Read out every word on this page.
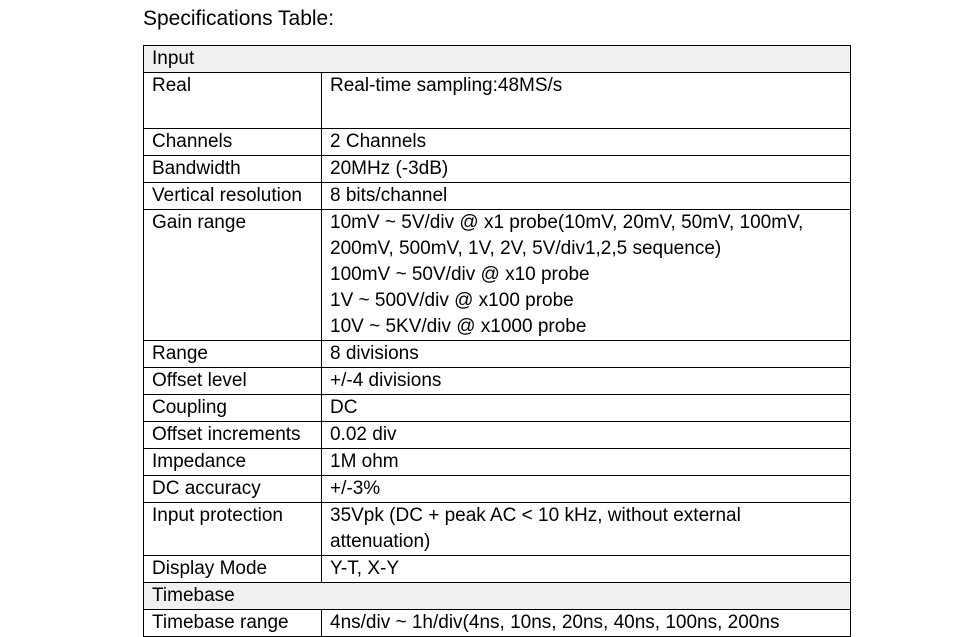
Specifications Table:
Input	
Real	Real-time sampling:48MS/s
Channels	2 Channels
Bandwidth	20MHz (-3dB)
Vertical resolution	8 bits/channel
Gain range	10mV ~ 5V/div @ x1 probe(10mV, 20mV, 50mV, 100mV, 200mV, 500mV, 1V, 2V, 5V/div1,2,5 sequence)
100mV ~ 50V/div @ x10 probe
1V ~ 500V/div @ x100 probe
10V ~ 5KV/div @ x1000 probe
Range	8 divisions
Offset level	+/-4 divisions
Coupling	DC
Offset increments	0.02 div
Impedance	1M ohm
DC accuracy	+/-3%
Input protection	35Vpk (DC + peak AC < 10 kHz, without external attenuation)
Display Mode	Y-T, X-Y
Timebase	
Timebase range	4ns/div ~ 1h/div(4ns, 10ns, 20ns, 40ns, 100ns, 200ns
